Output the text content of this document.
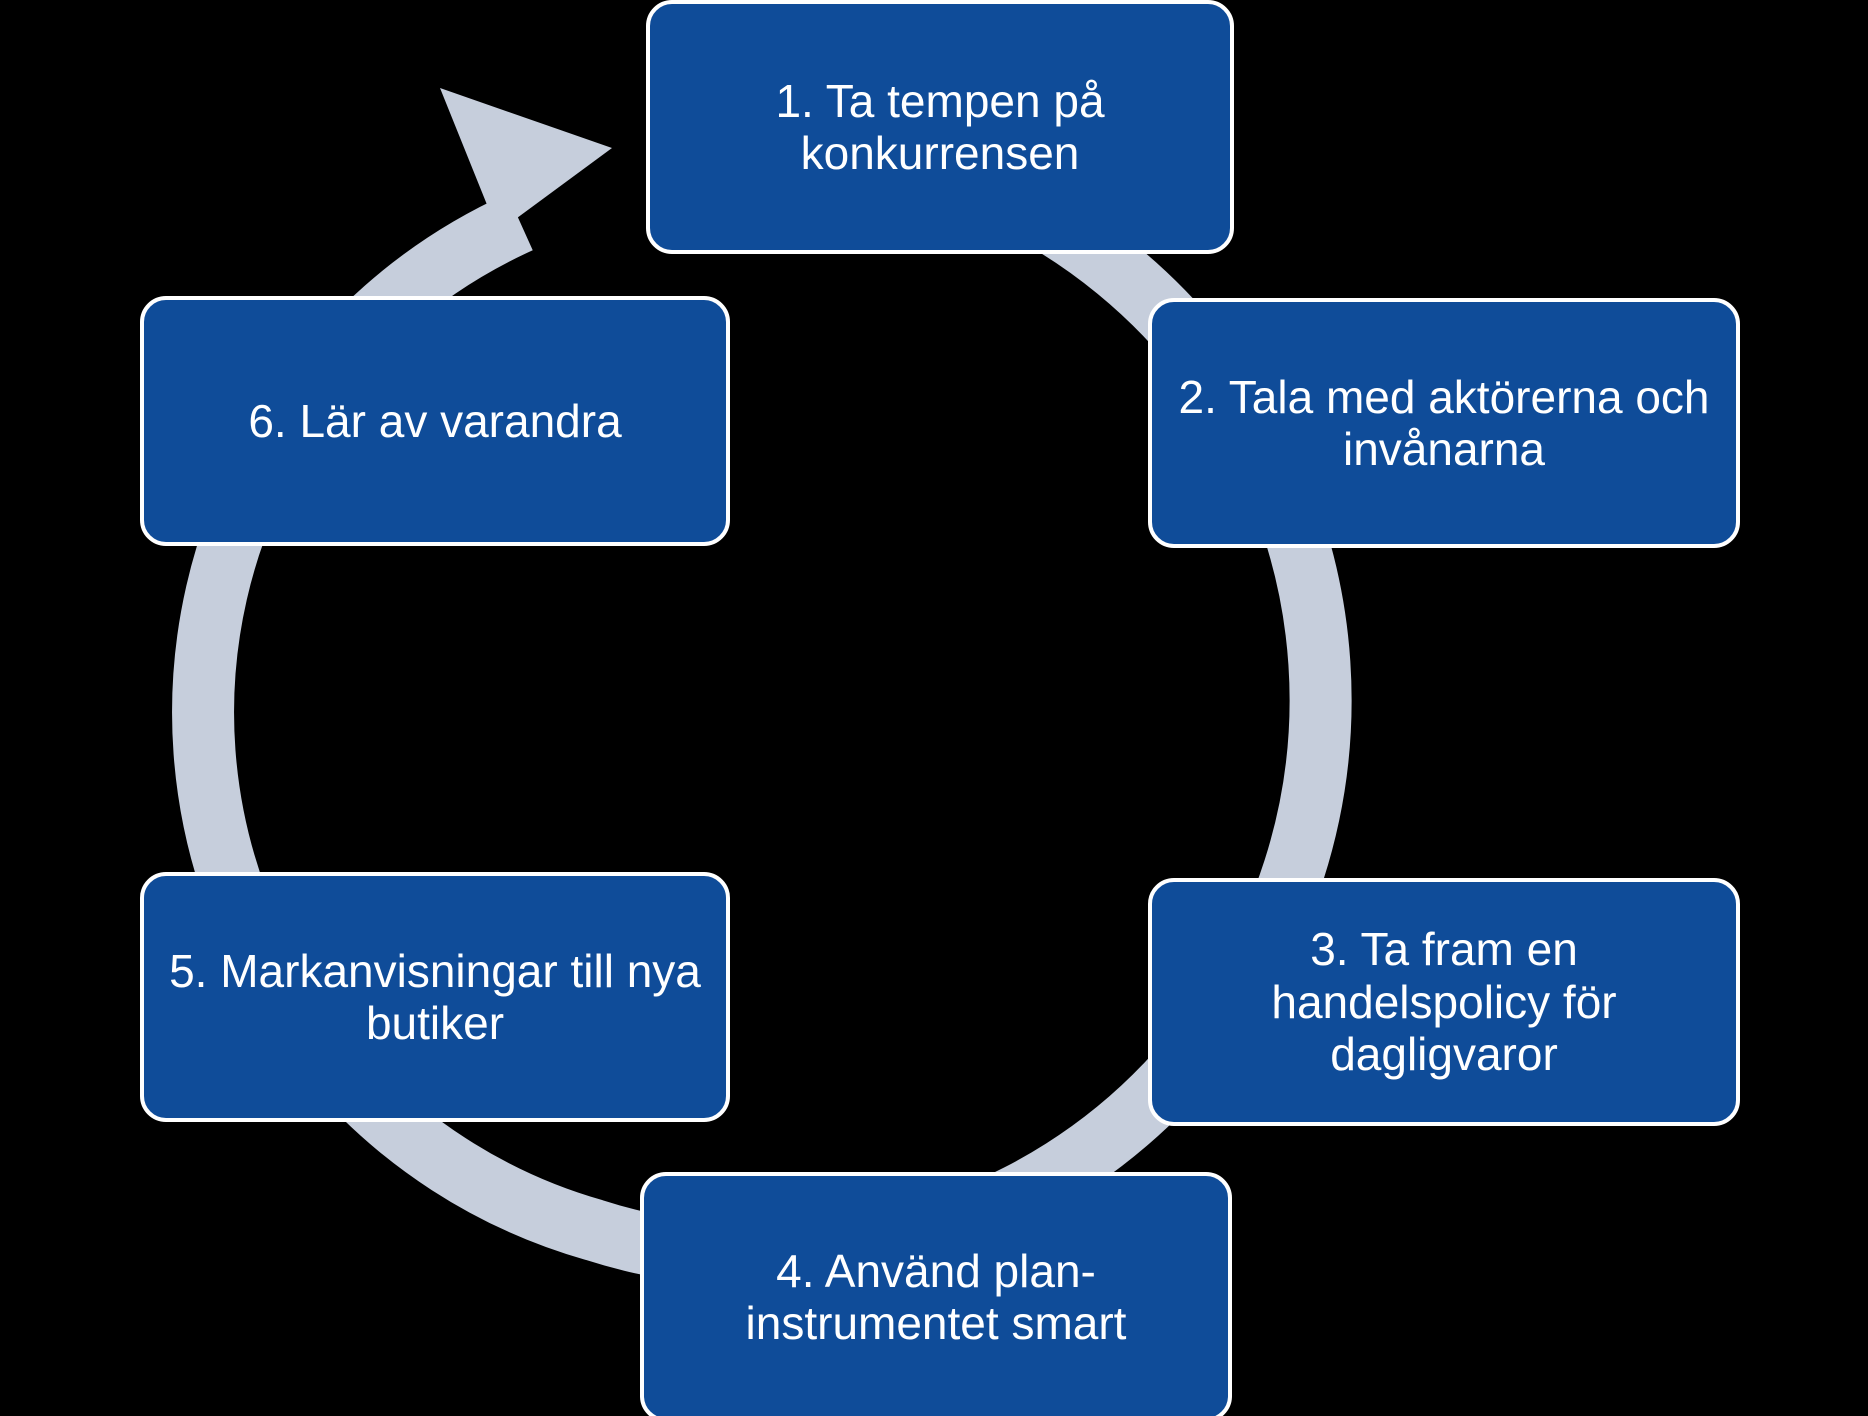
1. Ta tempen på konkurrensen
2. Tala med aktörerna och invånarna
3. Ta fram en handelspolicy för dagligvaror
4. Använd plan-instrumentet smart
5. Markanvisningar till nya butiker
6. Lär av varandra
